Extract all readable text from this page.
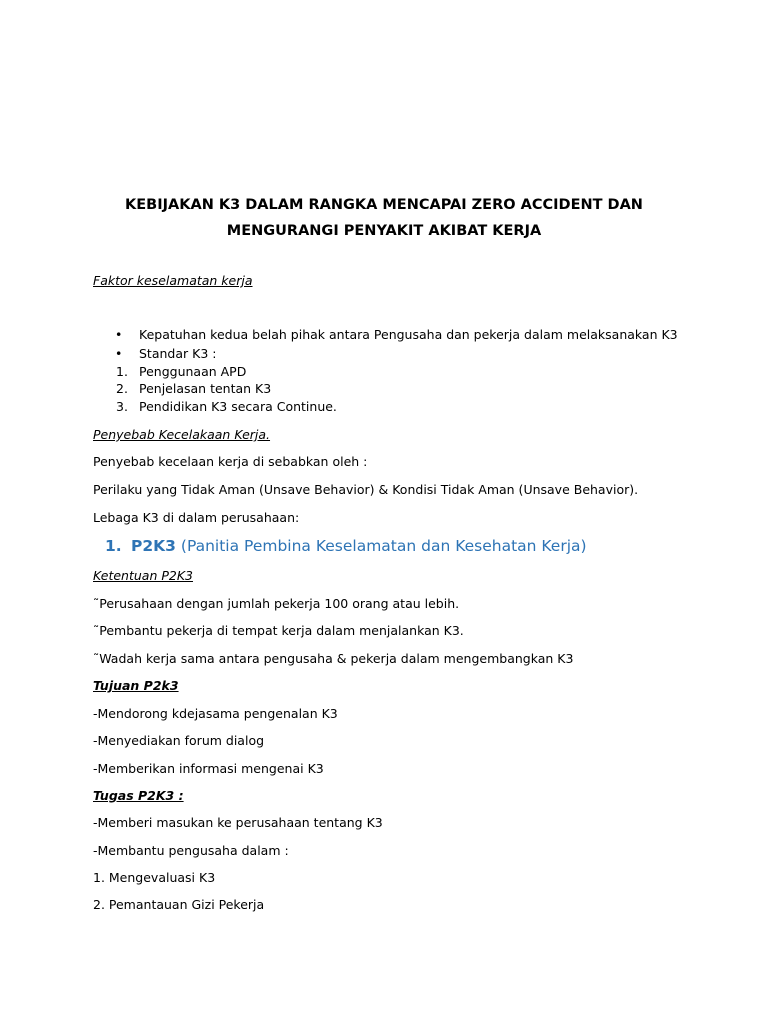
KEBIJAKAN K3 DALAM RANGKA MENCAPAI ZERO ACCIDENT DAN
MENGURANGI PENYAKIT AKIBAT KERJA
Faktor keselamatan kerja
•	Kepatuhan kedua belah pihak antara Pengusaha dan pekerja dalam melaksanakan K3
•	Standar K3 :
1. Penggunaan APD
2. Penjelasan tentan K3
3. Pendidikan K3 secara Continue.
Penyebab Kecelakaan Kerja.
Penyebab kecelaan kerja di sebabkan oleh :
Perilaku yang Tidak Aman (Unsave Behavior) & Kondisi Tidak Aman (Unsave Behavior).
Lebaga K3 di dalam perusahaan:
1. P2K3 (Panitia Pembina Keselamatan dan Kesehatan Kerja)
Ketentuan P2K3
˜Perusahaan dengan jumlah pekerja 100 orang atau lebih.
˜Pembantu pekerja di tempat kerja dalam menjalankan K3.
˜Wadah kerja sama antara pengusaha & pekerja dalam mengembangkan K3
Tujuan P2k3
-Mendorong kdejasama pengenalan K3
-Menyediakan forum dialog
-Memberikan informasi mengenai K3
Tugas P2K3 :
-Memberi masukan ke perusahaan tentang K3
-Membantu pengusaha dalam :
1. Mengevaluasi K3
2. Pemantauan Gizi Pekerja
